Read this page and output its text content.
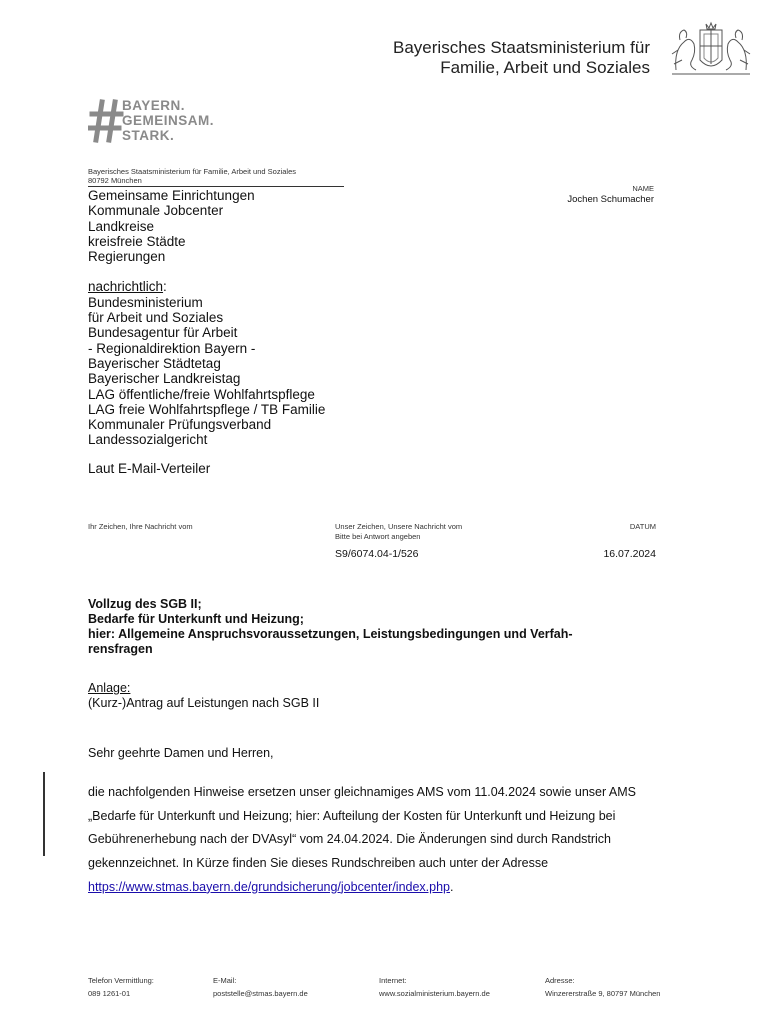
Bayerisches Staatsministerium für
Familie, Arbeit und Soziales
BAYERN.
GEMEINSAM.
STARK.
Bayerisches Staatsministerium für Familie, Arbeit und Soziales
80792 München
NAME
Jochen Schumacher
Gemeinsame Einrichtungen
Kommunale Jobcenter
Landkreise
kreisfreie Städte
Regierungen
nachrichtlich:
Bundesministerium
für Arbeit und Soziales
Bundesagentur für Arbeit
- Regionaldirektion Bayern -
Bayerischer Städtetag
Bayerischer Landkreistag
LAG öffentliche/freie Wohlfahrtspflege
LAG freie Wohlfahrtspflege / TB Familie
Kommunaler Prüfungsverband
Landessozialgericht
Laut E-Mail-Verteiler
Ihr Zeichen, Ihre Nachricht vom	Unser Zeichen, Unsere Nachricht vom
Bitte bei Antwort angeben
DATUM
S9/6074.04-1/526	16.07.2024
Vollzug des SGB II;
Bedarfe für Unterkunft und Heizung;
hier: Allgemeine Anspruchsvoraussetzungen, Leistungsbedingungen und Verfah-
rensfragen
Anlage:
(Kurz-)Antrag auf Leistungen nach SGB II
Sehr geehrte Damen und Herren,
die nachfolgenden Hinweise ersetzen unser gleichnamiges AMS vom 11.04.2024 sowie unser AMS „Bedarfe für Unterkunft und Heizung; hier: Aufteilung der Kosten für Unterkunft und Heizung bei Gebührenerhebung nach der DVAsyl“ vom 24.04.2024. Die Änderungen sind durch Randstrich gekennzeichnet. In Kürze finden Sie dieses Rundschreiben auch unter der Adresse https://www.stmas.bayern.de/grundsicherung/jobcenter/index.php.
Telefon Vermittlung:
089 1261-01
E-Mail:
poststelle@stmas.bayern.de
Internet:
www.sozialministerium.bayern.de
Adresse:
Winzererstraße 9, 80797 München
